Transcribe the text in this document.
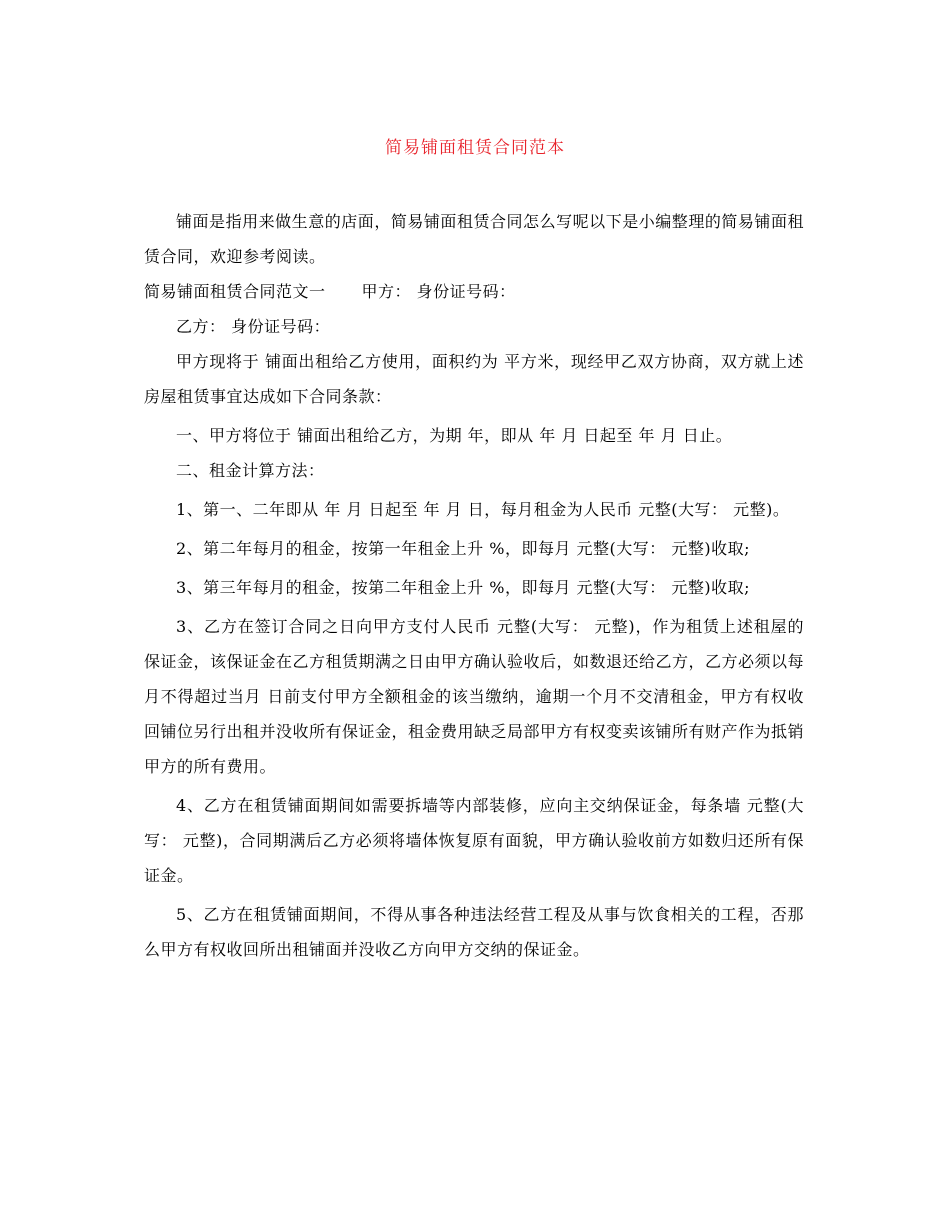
简易铺面租赁合同范本

铺面是指用来做生意的店面，简易铺面租赁合同怎么写呢以下是小编整理的简易铺面租赁合同，欢迎参考阅读。

简易铺面租赁合同范文一 甲方： 身份证号码：

乙方： 身份证号码：

甲方现将于 铺面出租给乙方使用，面积约为 平方米，现经甲乙双方协商，双方就上述房屋租赁事宜达成如下合同条款：

一、甲方将位于 铺面出租给乙方，为期 年，即从 年 月 日起至 年 月 日止。

二、租金计算方法：

1、第一、二年即从 年 月 日起至 年 月 日，每月租金为人民币 元整(大写： 元整)。

2、第二年每月的租金，按第一年租金上升 %，即每月 元整(大写： 元整)收取;

3、第三年每月的租金，按第二年租金上升 %，即每月 元整(大写： 元整)收取;

3、乙方在签订合同之日向甲方支付人民币 元整(大写： 元整)，作为租赁上述租屋的保证金，该保证金在乙方租赁期满之日由甲方确认验收后，如数退还给乙方，乙方必须以每月不得超过当月 日前支付甲方全额租金的该当缴纳，逾期一个月不交清租金，甲方有权收回铺位另行出租并没收所有保证金，租金费用缺乏局部甲方有权变卖该铺所有财产作为抵销甲方的所有费用。

4、乙方在租赁铺面期间如需要拆墙等内部装修，应向主交纳保证金，每条墙 元整(大写： 元整)，合同期满后乙方必须将墙体恢复原有面貌，甲方确认验收前方如数归还所有保证金。

5、乙方在租赁铺面期间，不得从事各种违法经营工程及从事与饮食相关的工程，否那么甲方有权收回所出租铺面并没收乙方向甲方交纳的保证金。
